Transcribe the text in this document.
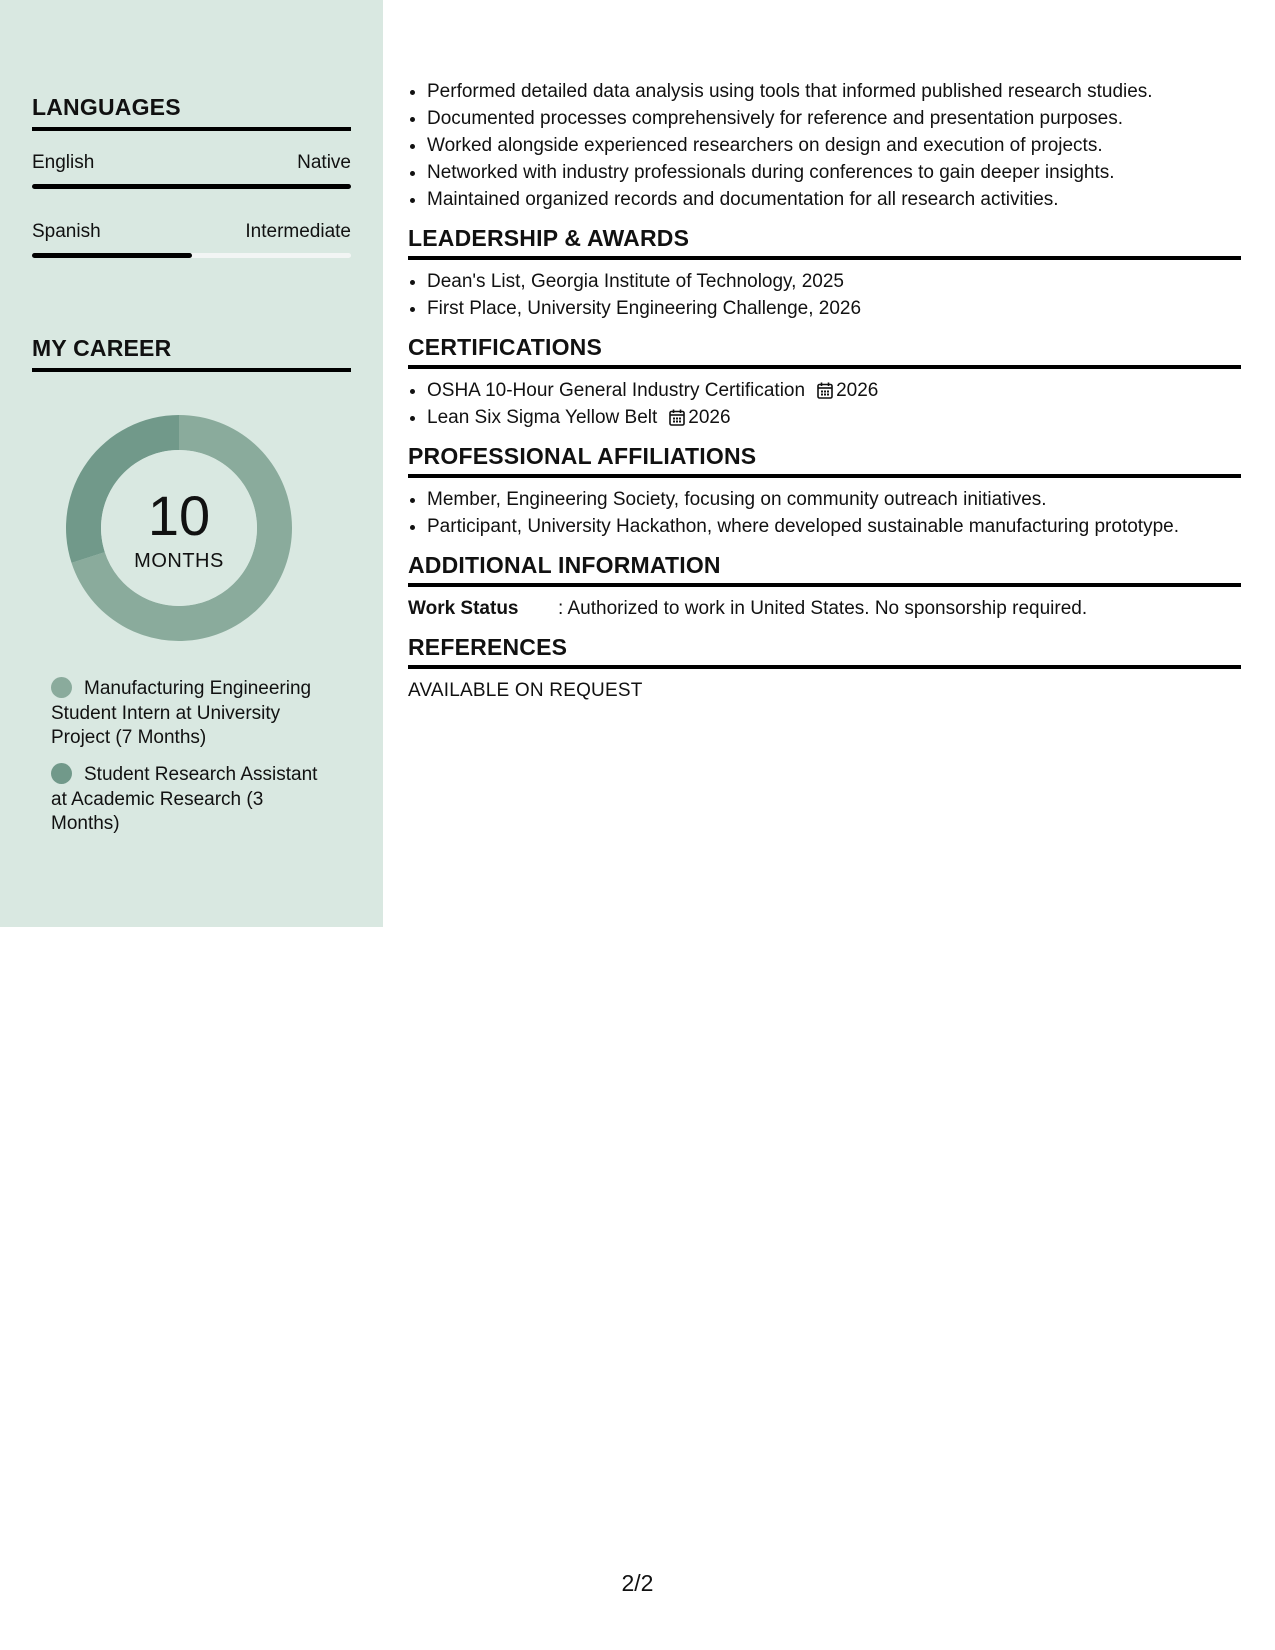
LANGUAGES
English	Native
Spanish	Intermediate
MY CAREER
10
MONTHS
Manufacturing Engineering Student Intern at University Project (7 Months)
Student Research Assistant at Academic Research (3 Months)
• Performed detailed data analysis using tools that informed published research studies.
• Documented processes comprehensively for reference and presentation purposes.
• Worked alongside experienced researchers on design and execution of projects.
• Networked with industry professionals during conferences to gain deeper insights.
• Maintained organized records and documentation for all research activities.
LEADERSHIP & AWARDS
• Dean's List, Georgia Institute of Technology, 2025
• First Place, University Engineering Challenge, 2026
CERTIFICATIONS
• OSHA 10-Hour General Industry Certification 2026
• Lean Six Sigma Yellow Belt 2026
PROFESSIONAL AFFILIATIONS
• Member, Engineering Society, focusing on community outreach initiatives.
• Participant, University Hackathon, where developed sustainable manufacturing prototype.
ADDITIONAL INFORMATION
Work Status	: Authorized to work in United States. No sponsorship required.
REFERENCES
AVAILABLE ON REQUEST
2/2
